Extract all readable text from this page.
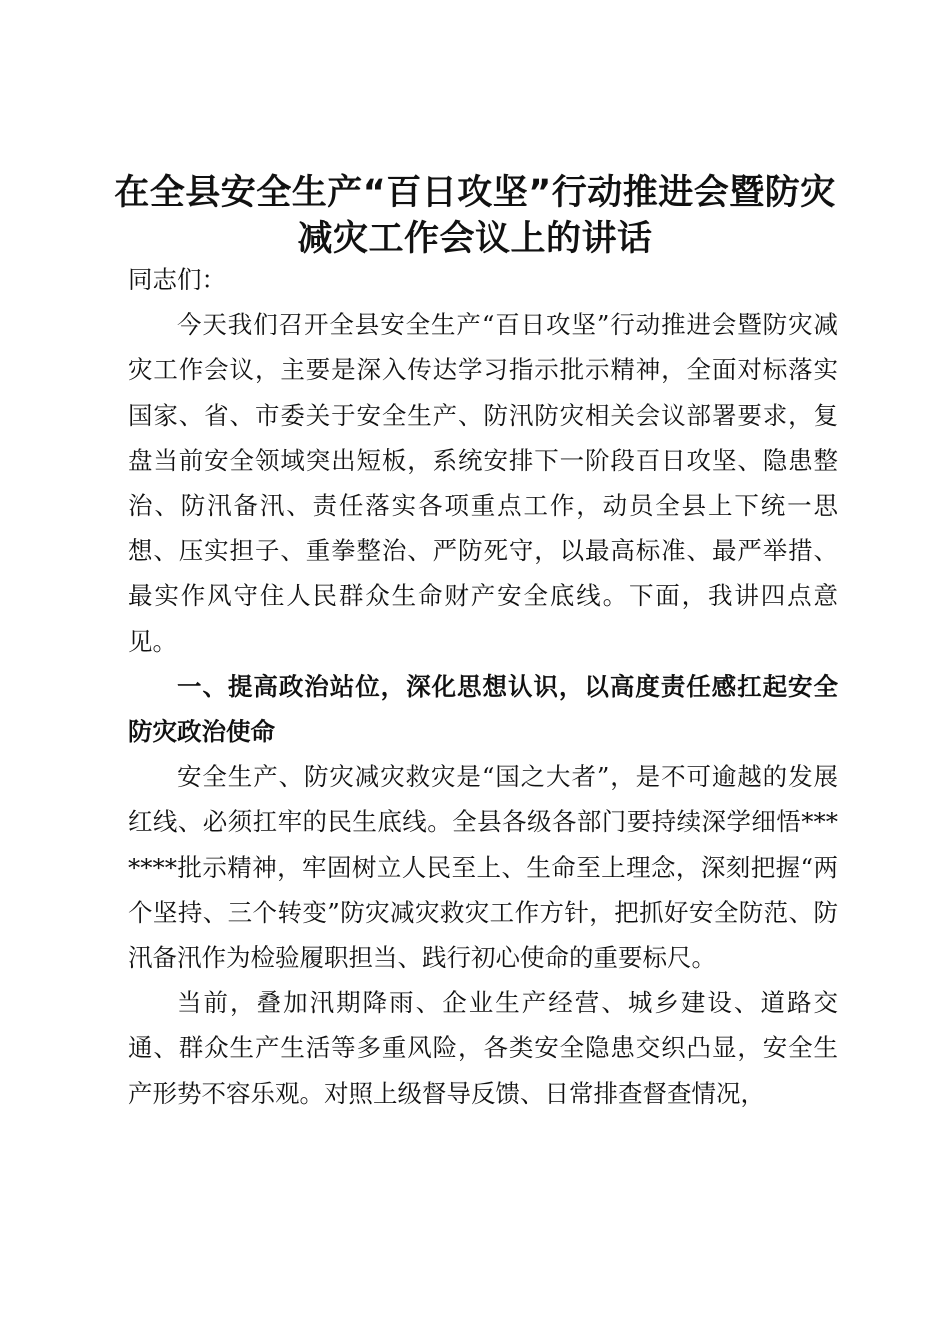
在全县安全生产“百日攻坚”行动推进会暨防灾减灾工作会议上的讲话

同志们：

今天我们召开全县安全生产“百日攻坚”行动推进会暨防灾减灾工作会议，主要是深入传达学习指示批示精神，全面对标落实国家、省、市委关于安全生产、防汛防灾相关会议部署要求，复盘当前安全领域突出短板，系统安排下一阶段百日攻坚、隐患整治、防汛备汛、责任落实各项重点工作，动员全县上下统一思想、压实担子、重拳整治、严防死守，以最高标准、最严举措、最实作风守住人民群众生命财产安全底线。下面，我讲四点意见。

一、提高政治站位，深化思想认识，以高度责任感扛起安全防灾政治使命

安全生产、防灾减灾救灾是“国之大者”，是不可逾越的发展红线、必须扛牢的民生底线。全县各级各部门要持续深学细悟*******批示精神，牢固树立人民至上、生命至上理念，深刻把握“两个坚持、三个转变”防灾减灾救灾工作方针，把抓好安全防范、防汛备汛作为检验履职担当、践行初心使命的重要标尺。

当前，叠加汛期降雨、企业生产经营、城乡建设、道路交通、群众生产生活等多重风险，各类安全隐患交织凸显，安全生产形势不容乐观。对照上级督导反馈、日常排查督查情况，
